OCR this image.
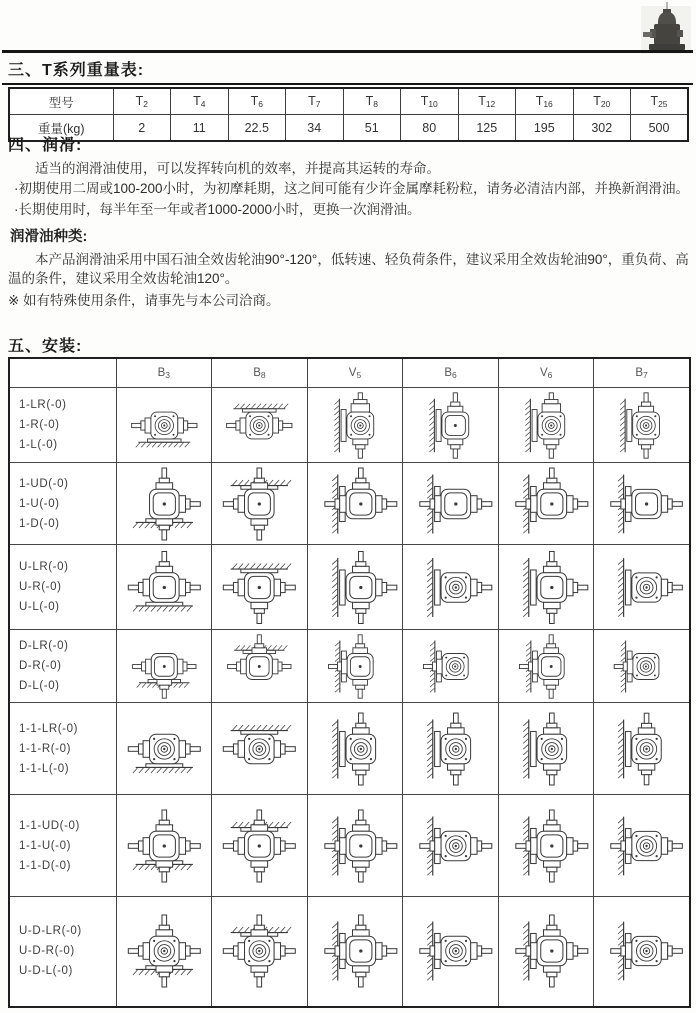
三、T系列重量表:
型号	$T_2$	$T_4$	$T_6$	$T_7$	$T_8$	$T_{10}$	$T_{12}$	$T_{16}$	$T_{20}$	$T_{25}$
重量(kg)	2	11	22.5	34	51	80	125	195	302	500
四、润滑:

适当的润滑油使用，可以发挥转向机的效率，并提高其运转的寿命。

·初期使用二周或100-200小时，为初摩耗期，这之间可能有少许金属摩耗粉粒，请务必清洁内部，并换新润滑油。

·长期使用时，每半年至一年或者1000-2000小时，更换一次润滑油。

润滑油种类:

本产品润滑油采用中国石油全效齿轮油90°-120°，低转速、轻负荷条件，建议采用全效齿轮油90°，重负荷、高温的条件，建议采用全效齿轮油120°。

※ 如有特殊使用条件，请事先与本公司洽商。

五、安装:
	$B_3$	$B_8$	$V_5$	$B_6$	$V_6$	$B_7$

1-LR(-0)
1-R(-0)
1-L(-0)

1-UD(-0)
1-U(-0)
1-D(-0)

U-LR(-0)
U-R(-0)
U-L(-0)

D-LR(-0)
D-R(-0)
D-L(-0)

1-1-LR(-0)
1-1-R(-0)
1-1-L(-0)

1-1-UD(-0)
1-1-U(-0)
1-1-D(-0)

U-D-LR(-0)
U-D-R(-0)
U-D-L(-0)
